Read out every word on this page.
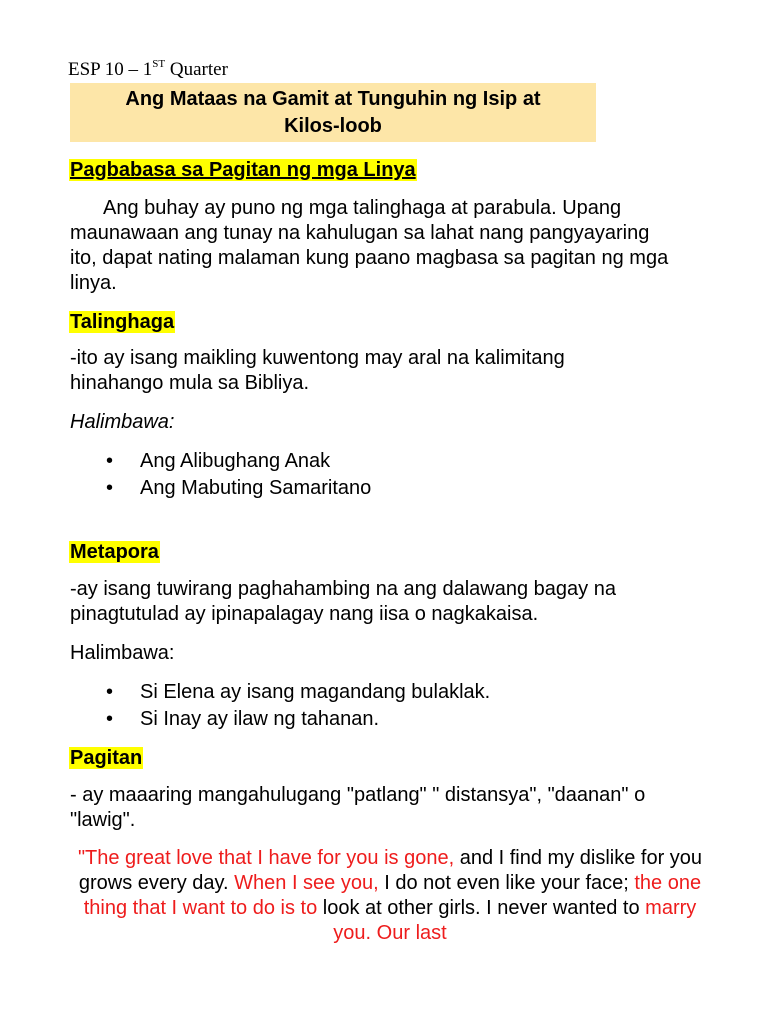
ESP 10 – 1ST Quarter
Ang Mataas na Gamit at Tunguhin ng Isip at
Kilos-loob
Pagbabasa sa Pagitan ng mga Linya
Ang buhay ay puno ng mga talinghaga at parabula. Upang maunawaan ang tunay na kahulugan sa lahat nang pangyayaring ito, dapat nating malaman kung paano magbasa sa pagitan ng mga linya.
Talinghaga
-ito ay isang maikling kuwentong may aral na kalimitang hinahango mula sa Bibliya.
Halimbawa:
• Ang Alibughang Anak
• Ang Mabuting Samaritano
Metapora
-ay isang tuwirang paghahambing na ang dalawang bagay na pinagtutulad ay ipinapalagay nang iisa o nagkakaisa.
Halimbawa:
• Si Elena ay isang magandang bulaklak.
• Si Inay ay ilaw ng tahanan.
Pagitan
- ay maaaring mangahulugang "patlang" " distansya", "daanan" o "lawig".
"The great love that I have for you is gone, and I find my dislike for you grows every day. When I see you, I do not even like your face; the one thing that I want to do is to look at other girls. I never wanted to marry you. Our last
